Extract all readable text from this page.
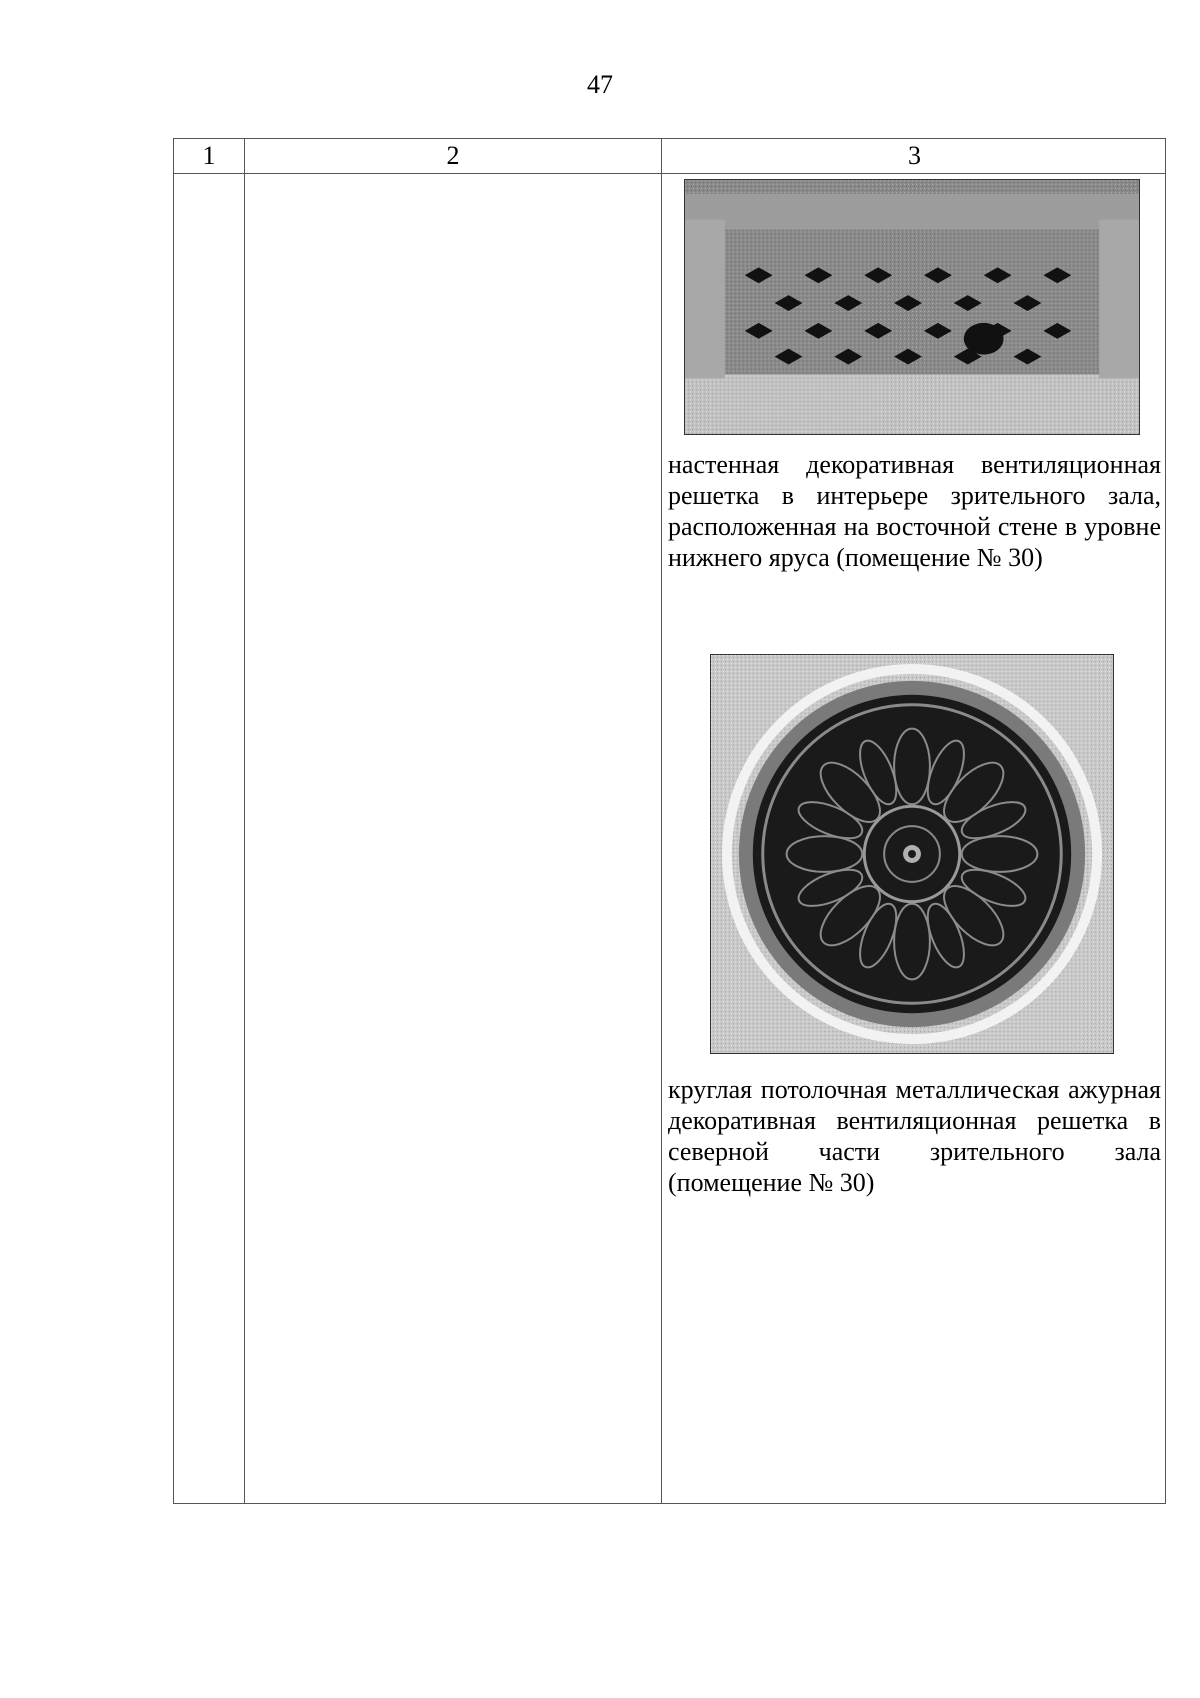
47
1	2	3
настенная декоративная вентиляционная решетка в интерьере зрительного зала, расположенная на восточной стене в уровне нижнего яруса (помещение № 30)
круглая потолочная металлическая ажурная декоративная вентиляционная решетка в северной части зрительного зала (помещение № 30)
